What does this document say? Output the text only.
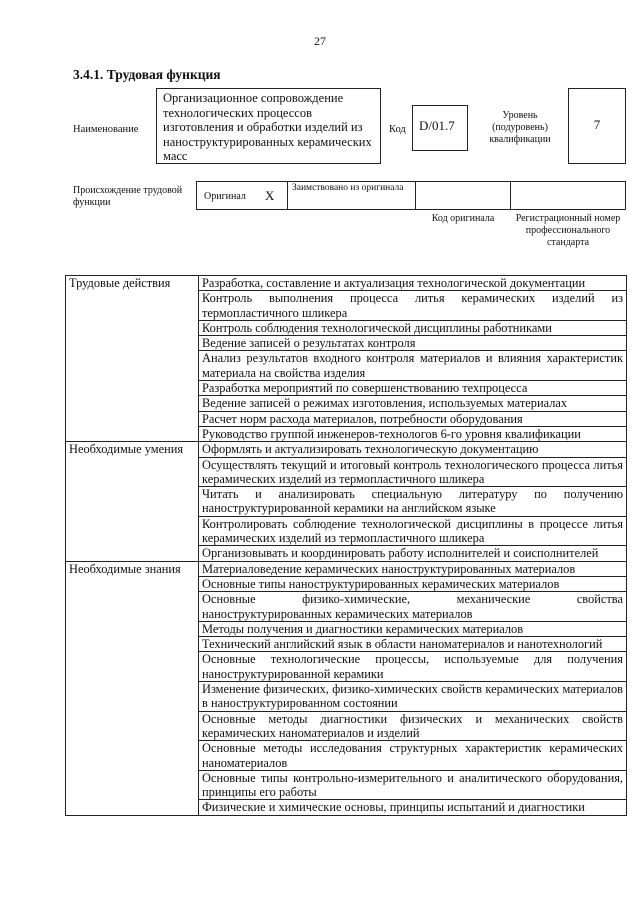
27
3.4.1. Трудовая функция
Наименование
Организационное сопровождение технологических процессов изготовления и обработки изделий из наноструктурированных керамических масс
Код	D/01.7
Уровень (подуровень) квалификации
7
Происхождение трудовой функции
Оригинал X	Заимствовано из оригинала
Код оригинала	Регистрационный номер профессионального стандарта
Трудовые действия	Разработка, составление и актуализация технологической документации
	Контроль выполнения процесса литья керамических изделий из термопластичного шликера
	Контроль соблюдения технологической дисциплины работниками
	Ведение записей о результатах контроля
	Анализ результатов входного контроля материалов и влияния характеристик материала на свойства изделия
	Разработка мероприятий по совершенствованию техпроцесса
	Ведение записей о режимах изготовления, используемых материалах
	Расчет норм расхода материалов, потребности оборудования
	Руководство группой инженеров-технологов 6-го уровня квалификации
Необходимые умения	Оформлять и актуализировать технологическую документацию
	Осуществлять текущий и итоговый контроль технологического процесса литья керамических изделий из термопластичного шликера
	Читать и анализировать специальную литературу по получению наноструктурированной керамики на английском языке
	Контролировать соблюдение технологической дисциплины в процессе литья керамических изделий из термопластичного шликера
	Организовывать и координировать работу исполнителей и соисполнителей
Необходимые знания	Материаловедение керамических наноструктурированных материалов
	Основные типы наноструктурированных керамических материалов
	Основные физико-химические, механические свойства наноструктурированных керамических материалов
	Методы получения и диагностики керамических материалов
	Технический английский язык в области наноматериалов и нанотехнологий
	Основные технологические процессы, используемые для получения наноструктурированной керамики
	Изменение физических, физико-химических свойств керамических материалов в наноструктурированном состоянии
	Основные методы диагностики физических и механических свойств керамических наноматериалов и изделий
	Основные методы исследования структурных характеристик керамических наноматериалов
	Основные типы контрольно-измерительного и аналитического оборудования, принципы его работы
	Физические и химические основы, принципы испытаний и диагностики
